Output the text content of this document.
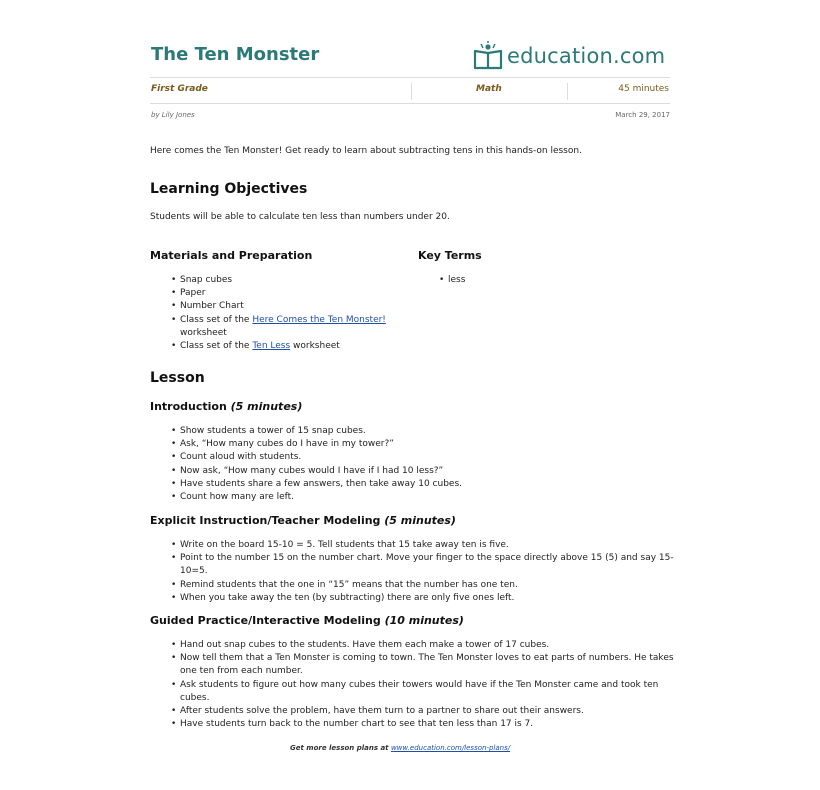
The Ten Monster	education.com
First Grade	Math	45 minutes
by Lily Jones	March 29, 2017
Here comes the Ten Monster! Get ready to learn about subtracting tens in this hands-on lesson.
Learning Objectives
Students will be able to calculate ten less than numbers under 20.
Materials and Preparation
• Snap cubes
• Paper
• Number Chart
• Class set of the Here Comes the Ten Monster!
worksheet
• Class set of the Ten Less worksheet
Key Terms
• less
Lesson
Introduction (5 minutes)
• Show students a tower of 15 snap cubes.
• Ask, “How many cubes do I have in my tower?”
• Count aloud with students.
• Now ask, “How many cubes would I have if I had 10 less?”
• Have students share a few answers, then take away 10 cubes.
• Count how many are left.
Explicit Instruction/Teacher Modeling (5 minutes)
• Write on the board 15-10 = 5. Tell students that 15 take away ten is five.
• Point to the number 15 on the number chart. Move your finger to the space directly above 15 (5) and say 15-10=5.
• Remind students that the one in “15” means that the number has one ten.
• When you take away the ten (by subtracting) there are only five ones left.
Guided Practice/Interactive Modeling (10 minutes)
• Hand out snap cubes to the students. Have them each make a tower of 17 cubes.
• Now tell them that a Ten Monster is coming to town. The Ten Monster loves to eat parts of numbers. He takes one ten from each number.
• Ask students to figure out how many cubes their towers would have if the Ten Monster came and took ten cubes.
• After students solve the problem, have them turn to a partner to share out their answers.
• Have students turn back to the number chart to see that ten less than 17 is 7.
Get more lesson plans at www.education.com/lesson-plans/
